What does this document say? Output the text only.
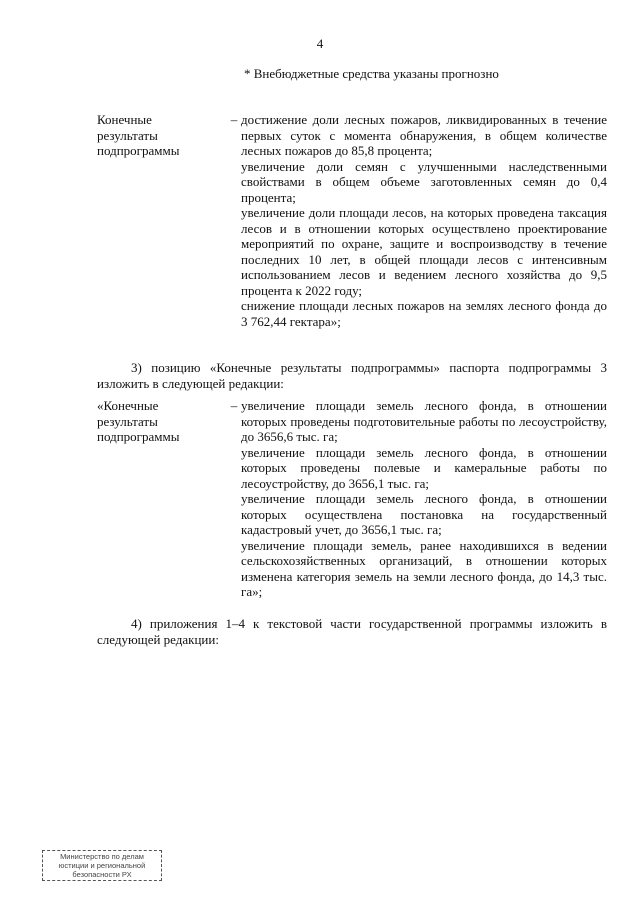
4
* Внебюджетные средства указаны прогнозно
Конечные
результаты
подпрограммы
– достижение доли лесных пожаров, ликвидированных в течение первых суток с момента обнаружения, в общем количестве лесных пожаров до 85,8 процента;

увеличение доли семян с улучшенными наследственными свойствами в общем объеме заготовленных семян до 0,4 процента;

увеличение доли площади лесов, на которых проведена таксация лесов и в отношении которых осуществлено проектирование мероприятий по охране, защите и воспроизводству в течение последних 10 лет, в общей площади лесов с интенсивным использованием лесов и ведением лесного хозяйства до 9,5 процента к 2022 году;

снижение площади лесных пожаров на землях лесного фонда до 3 762,44 гектара»;

3) позицию «Конечные результаты подпрограммы» паспорта подпрограммы 3 изложить в следующей редакции:

«Конечные
результаты
подпрограммы
– увеличение площади земель лесного фонда, в отношении которых проведены подготовительные работы по лесоустройству, до 3656,6 тыс. га;

увеличение площади земель лесного фонда, в отношении которых проведены полевые и камеральные работы по лесоустройству, до 3656,1 тыс. га;

увеличение площади земель лесного фонда, в отношении которых осуществлена постановка на государственный кадастровый учет, до 3656,1 тыс. га;

увеличение площади земель, ранее находившихся в ведении сельскохозяйственных организаций, в отношении которых изменена категория земель на земли лесного фонда, до 14,3 тыс. га»;

4) приложения 1–4 к текстовой части государственной программы изложить в следующей редакции:

Министерство по делам
юстиции и региональной
безопасности РХ
